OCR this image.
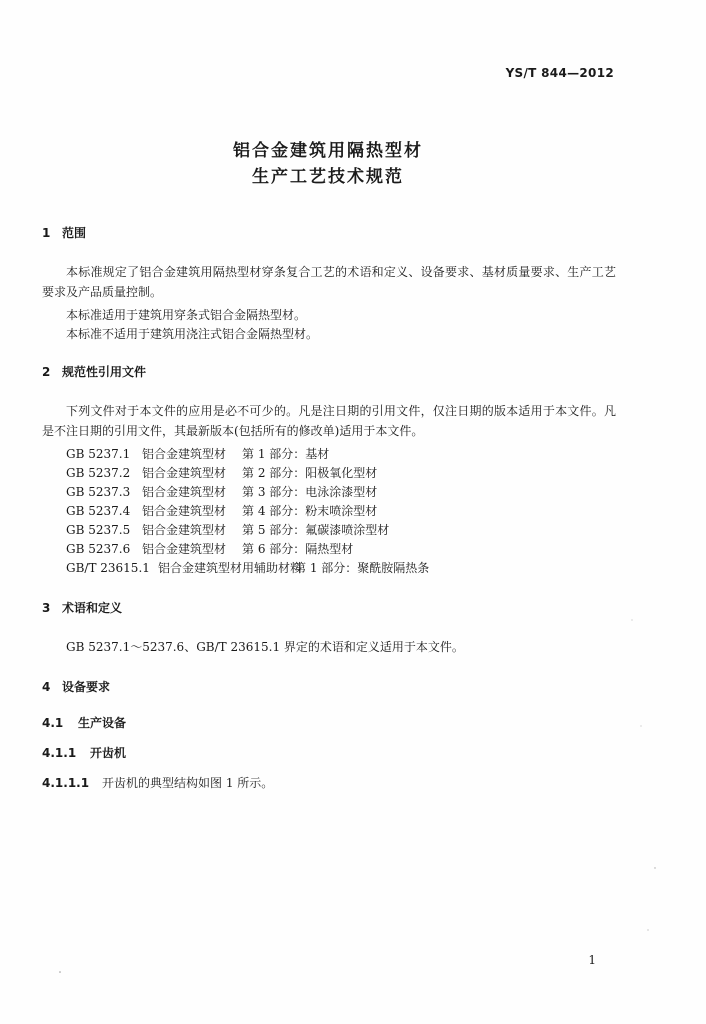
YS/T 844—2012
铝合金建筑用隔热型材
生产工艺技术规范
1 范围
本标准规定了铝合金建筑用隔热型材穿条复合工艺的术语和定义、设备要求、基材质量要求、生产工艺要求及产品质量控制。
本标准适用于建筑用穿条式铝合金隔热型材。
本标准不适用于建筑用浇注式铝合金隔热型材。
2 规范性引用文件
下列文件对于本文件的应用是必不可少的。凡是注日期的引用文件，仅注日期的版本适用于本文件。凡是不注日期的引用文件，其最新版本(包括所有的修改单)适用于本文件。
GB 5237.1 铝合金建筑型材 第 1 部分：基材
GB 5237.2 铝合金建筑型材 第 2 部分：阳极氧化型材
GB 5237.3 铝合金建筑型材 第 3 部分：电泳涂漆型材
GB 5237.4 铝合金建筑型材 第 4 部分：粉末喷涂型材
GB 5237.5 铝合金建筑型材 第 5 部分：氟碳漆喷涂型材
GB 5237.6 铝合金建筑型材 第 6 部分：隔热型材
GB/T 23615.1 铝合金建筑型材用辅助材料第 1 部分：聚酰胺隔热条
3 术语和定义
GB 5237.1～5237.6、GB/T 23615.1 界定的术语和定义适用于本文件。
4 设备要求
4.1 生产设备
4.1.1 开齿机
4.1.1.1 开齿机的典型结构如图 1 所示。
1
